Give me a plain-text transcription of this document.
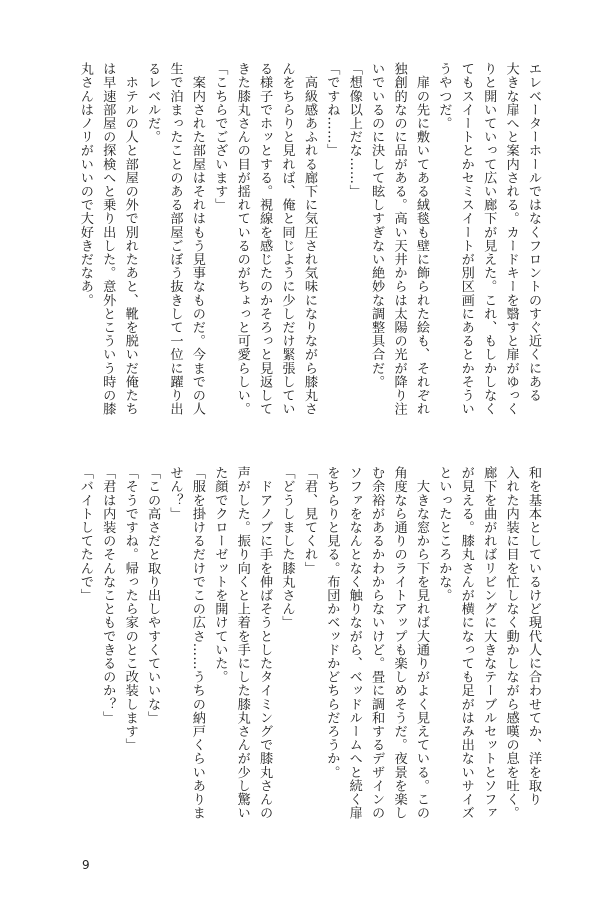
エレベーターホールではなくフロントのすぐ近くにある

大きな扉へと案内される。カードキーを翳すと扉がゆっく

りと開いていって広い廊下が見えた。これ、もしかしなく

てもスイートとかセミスイートが別区画にあるとかそうい

うやつだ。

　扉の先に敷いてある絨毯も壁に飾られた絵も、それぞれ

独創的なのに品がある。高い天井からは太陽の光が降り注

いでいるのに決して眩しすぎない絶妙な調整具合だ。

「想像以上だな……」

「ですね……」

　高級感あふれる廊下に気圧され気味になりながら膝丸さ

んをちらりと見れば、俺と同じように少しだけ緊張してい

る様子でホッとする。視線を感じたのかそろっと見返して

きた膝丸さんの目が揺れているのがちょっと可愛らしい。

「こちらでございます」

　案内された部屋はそれはもう見事なものだ。今までの人

生で泊まったことのある部屋ごぼう抜きして一位に躍り出

るレベルだ。

　ホテルの人と部屋の外で別れたあと、靴を脱いだ俺たち

は早速部屋の探検へと乗り出した。意外とこういう時の膝

丸さんはノリがいいので大好きだなあ。

和を基本としているけど現代人に合わせてか、洋を取り

入れた内装に目を忙しなく動かしながら感嘆の息を吐く。

廊下を曲がればリビングに大きなテーブルセットとソファ

が見える。膝丸さんが横になっても足がはみ出ないサイズ

といったところかな。

　大きな窓から下を見れば大通りがよく見えている。この

角度なら通りのライトアップも楽しめそうだ。夜景を楽し

む余裕があるかわからないけど。畳に調和するデザインの

ソファをなんとなく触りながら、ベッドルームへと続く扉

をちらりと見る。布団かベッドかどちらだろうか。

「君、見てくれ」

「どうしました膝丸さん」

　ドアノブに手を伸ばそうとしたタイミングで膝丸さんの

声がした。振り向くと上着を手にした膝丸さんが少し驚い

た顔でクローゼットを開けていた。

「服を掛けるだけでこの広さ……うちの納戸くらいありま

せん？」

「この高さだと取り出しやすくていいな」

「そうですね。帰ったら家のとこ改装します」

「君は内装のそんなこともできるのか？」

「バイトしてたんで」

9
